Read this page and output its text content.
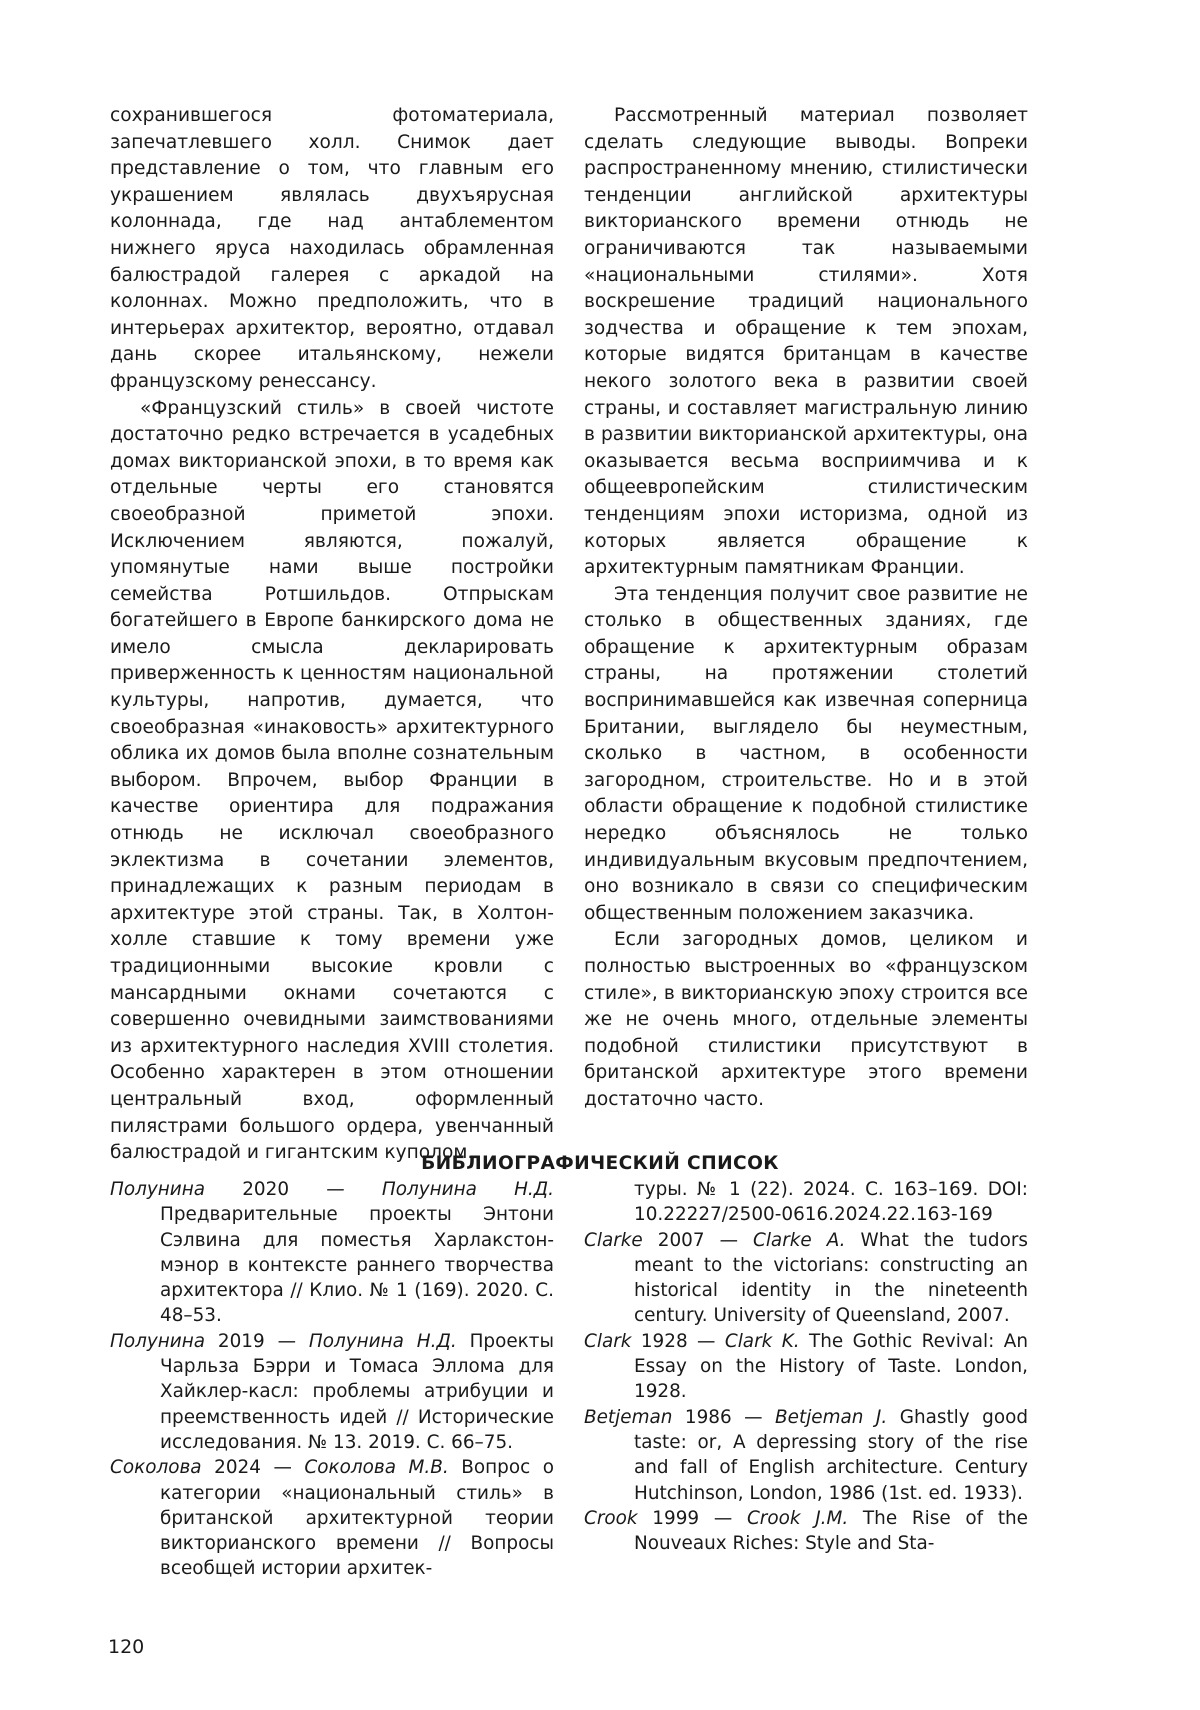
сохранившегося фотоматериала, запечатлевшего холл. Снимок дает представление о том, что главным его украшением являлась двухъярусная колоннада, где над антаблементом нижнего яруса находилась обрамленная балюстрадой галерея с аркадой на колоннах. Можно предположить, что в интерьерах архитектор, вероятно, отдавал дань скорее итальянскому, нежели французскому ренессансу.

«Французский стиль» в своей чистоте достаточно редко встречается в усадебных домах викторианской эпохи, в то время как отдельные черты его становятся своеобразной приметой эпохи. Исключением являются, пожалуй, упомянутые нами выше постройки семейства Ротшильдов. Отпрыскам богатейшего в Европе банкирского дома не имело смысла декларировать приверженность к ценностям национальной культуры, напротив, думается, что своеобразная «инаковость» архитектурного облика их домов была вполне сознательным выбором. Впрочем, выбор Франции в качестве ориентира для подражания отнюдь не исключал своеобразного эклектизма в сочетании элементов, принадлежащих к разным периодам в архитектуре этой страны. Так, в Холтон-холле ставшие к тому времени уже традиционными высокие кровли с мансардными окнами сочетаются с совершенно очевидными заимствованиями из архитектурного наследия XVIII столетия. Особенно характерен в этом отношении центральный вход, оформленный пилястрами большого ордера, увенчанный балюстрадой и гигантским куполом.

Рассмотренный материал позволяет сделать следующие выводы. Вопреки распространенному мнению, стилистически тенденции английской архитектуры викторианского времени отнюдь не ограничиваются так называемыми «национальными стилями». Хотя воскрешение традиций национального зодчества и обращение к тем эпохам, которые видятся британцам в качестве некого золотого века в развитии своей страны, и составляет магистральную линию в развитии викторианской архитектуры, она оказывается весьма восприимчива и к общеевропейским стилистическим тенденциям эпохи историзма, одной из которых является обращение к архитектурным памятникам Франции.

Эта тенденция получит свое развитие не столько в общественных зданиях, где обращение к архитектурным образам страны, на протяжении столетий воспринимавшейся как извечная соперница Британии, выглядело бы неуместным, сколько в частном, в особенности загородном, строительстве. Но и в этой области обращение к подобной стилистике нередко объяснялось не только индивидуальным вкусовым предпочтением, оно возникало в связи со специфическим общественным положением заказчика.

Если загородных домов, целиком и полностью выстроенных во «французском стиле», в викторианскую эпоху строится все же не очень много, отдельные элементы подобной стилистики присутствуют в британской архитектуре этого времени достаточно часто.

БИБЛИОГРАФИЧЕСКИЙ СПИСОК

Полунина 2020 — Полунина Н.Д. Предварительные проекты Энтони Сэлвина для поместья Харлакстон-мэнор в контексте раннего творчества архитектора // Клио. № 1 (169). 2020. С. 48–53.

Полунина 2019 — Полунина Н.Д. Проекты Чарльза Бэрри и Томаса Эллома для Хайклер-касл: проблемы атрибуции и преемственность идей // Исторические исследования. № 13. 2019. С. 66–75.

Соколова 2024 — Соколова М.В. Вопрос о категории «национальный стиль» в британской архитектурной теории викторианского времени // Вопросы всеобщей истории архитек-

туры. № 1 (22). 2024. С. 163–169. DOI: 10.22227/2500-0616.2024.22.163-169

Clarke 2007 — Clarke A. What the tudors meant to the victorians: constructing an historical identity in the nineteenth century. University of Queensland, 2007.

Clark 1928 — Clark K. The Gothic Revival: An Essay on the History of Taste. London, 1928.

Betjeman 1986 — Betjeman J. Ghastly good taste: or, A depressing story of the rise and fall of English architecture. Century Hutchinson, London, 1986 (1st. ed. 1933).

Crook 1999 — Crook J.M. The Rise of the Nouveaux Riches: Style and Sta-

120
